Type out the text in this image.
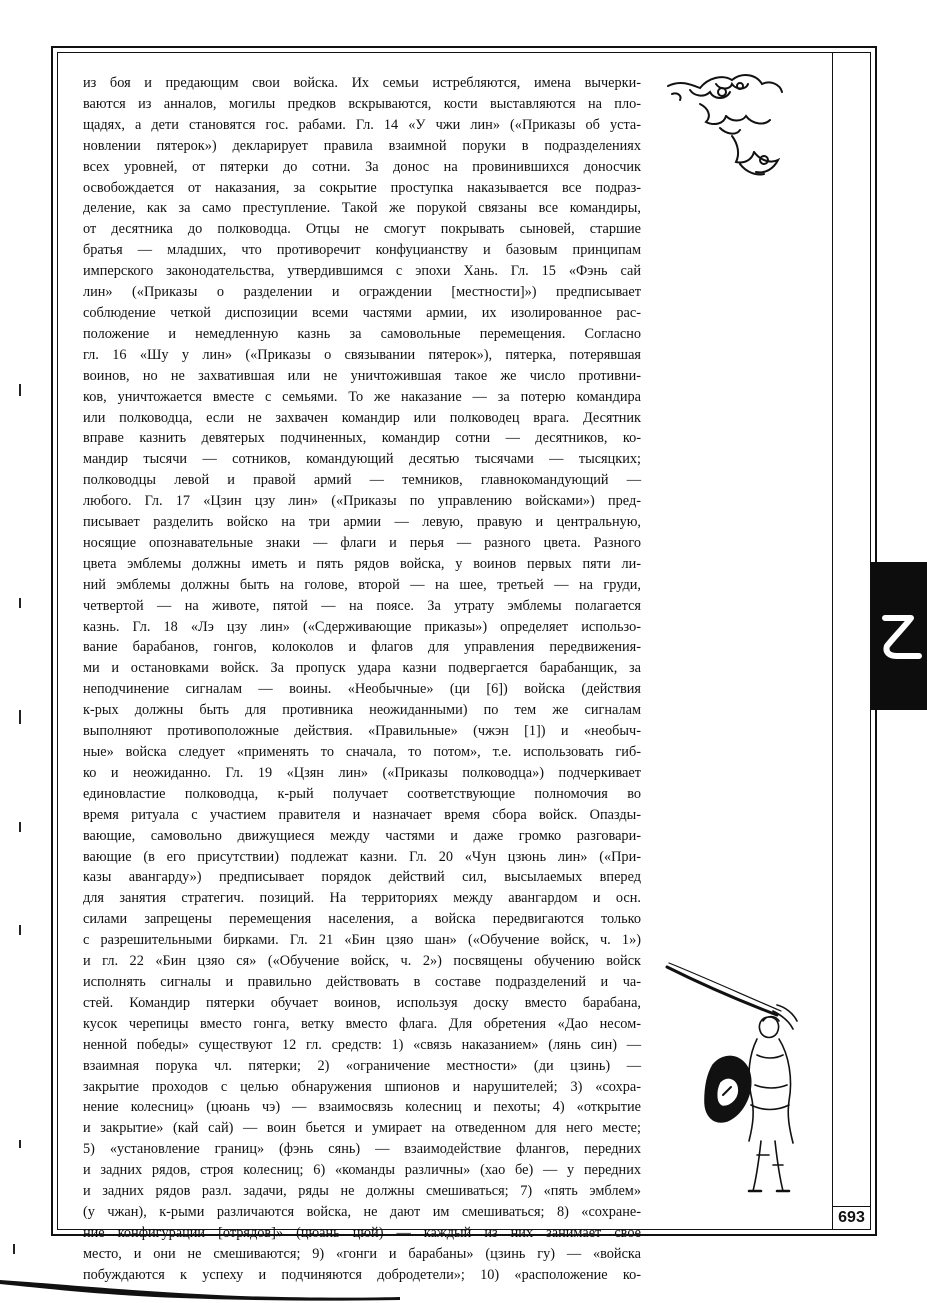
из боя и предающим свои войска. Их семьи истребляются, имена вычерки-

ваются из анналов, могилы предков вскрываются, кости выставляются на пло-

щадях, а дети становятся гос. рабами. Гл. 14 «У чжи лин» («Приказы об уста-

новлении пятерок») декларирует правила взаимной поруки в подразделениях

всех уровней, от пятерки до сотни. За донос на провинившихся доносчик

освобождается от наказания, за сокрытие проступка наказывается все подраз-

деление, как за само преступление. Такой же порукой связаны все командиры,

от десятника до полководца. Отцы не смогут покрывать сыновей, старшие

братья — младших, что противоречит конфуцианству и базовым принципам

имперского законодательства, утвердившимся с эпохи Хань. Гл. 15 «Фэнь сай

лин» («Приказы о разделении и ограждении [местности]») предписывает

соблюдение четкой диспозиции всеми частями армии, их изолированное рас-

положение и немедленную казнь за самовольные перемещения. Согласно

гл. 16 «Шу у лин» («Приказы о связывании пятерок»), пятерка, потерявшая

воинов, но не захватившая или не уничтожившая такое же число противни-

ков, уничтожается вместе с семьями. То же наказание — за потерю командира

или полководца, если не захвачен командир или полководец врага. Десятник

вправе казнить девятерых подчиненных, командир сотни — десятников, ко-

мандир тысячи — сотников, командующий десятью тысячами — тысяцких;

полководцы левой и правой армий — темников, главнокомандующий —

любого. Гл. 17 «Цзин цзу лин» («Приказы по управлению войсками») пред-

писывает разделить войско на три армии — левую, правую и центральную,

носящие опознавательные знаки — флаги и перья — разного цвета. Разного

цвета эмблемы должны иметь и пять рядов войска, у воинов первых пяти ли-

ний эмблемы должны быть на голове, второй — на шее, третьей — на груди,

четвертой — на животе, пятой — на поясе. За утрату эмблемы полагается

казнь. Гл. 18 «Лэ цзу лин» («Сдерживающие приказы») определяет использо-

вание барабанов, гонгов, колоколов и флагов для управления передвижения-

ми и остановками войск. За пропуск удара казни подвергается барабанщик, за

неподчинение сигналам — воины. «Необычные» (ци [6]) войска (действия

к-рых должны быть для противника неожиданными) по тем же сигналам

выполняют противоположные действия. «Правильные» (чжэн [1]) и «необыч-

ные» войска следует «применять то сначала, то потом», т.е. использовать гиб-

ко и неожиданно. Гл. 19 «Цзян лин» («Приказы полководца») подчеркивает

единовластие полководца, к-рый получает соответствующие полномочия во

время ритуала с участием правителя и назначает время сбора войск. Опазды-

вающие, самовольно движущиеся между частями и даже громко разговари-

вающие (в его присутствии) подлежат казни. Гл. 20 «Чун цзюнь лин» («При-

казы авангарду») предписывает порядок действий сил, высылаемых вперед

для занятия стратегич. позиций. На территориях между авангардом и осн.

силами запрещены перемещения населения, а войска передвигаются только

с разрешительными бирками. Гл. 21 «Бин цзяо шан» («Обучение войск, ч. 1»)

и гл. 22 «Бин цзяо ся» («Обучение войск, ч. 2») посвящены обучению войск

исполнять сигналы и правильно действовать в составе подразделений и ча-

стей. Командир пятерки обучает воинов, используя доску вместо барабана,

кусок черепицы вместо гонга, ветку вместо флага. Для обретения «Дао несом-

ненной победы» существуют 12 гл. средств: 1) «связь наказанием» (лянь син) —

взаимная порука чл. пятерки; 2) «ограничение местности» (ди цзинь) —

закрытие проходов с целью обнаружения шпионов и нарушителей; 3) «сохра-

нение колесниц» (цюань чэ) — взаимосвязь колесниц и пехоты; 4) «открытие

и закрытие» (кай сай) — воин бьется и умирает на отведенном для него месте;

5) «установление границ» (фэнь сянь) — взаимодействие флангов, передних

и задних рядов, строя колесниц; 6) «команды различны» (хао бе) — у передних

и задних рядов разл. задачи, ряды не должны смешиваться; 7) «пять эмблем»

(у чжан), к-рыми различаются войска, не дают им смешиваться; 8) «сохране-

ние конфигурации [отрядов]» (цюань цюй) — каждый из них занимает свое

место, и они не смешиваются; 9) «гонги и барабаны» (цзинь гу) — «войска

побуждаются к успеху и подчиняются добродетели»; 10) «расположение ко-

693
